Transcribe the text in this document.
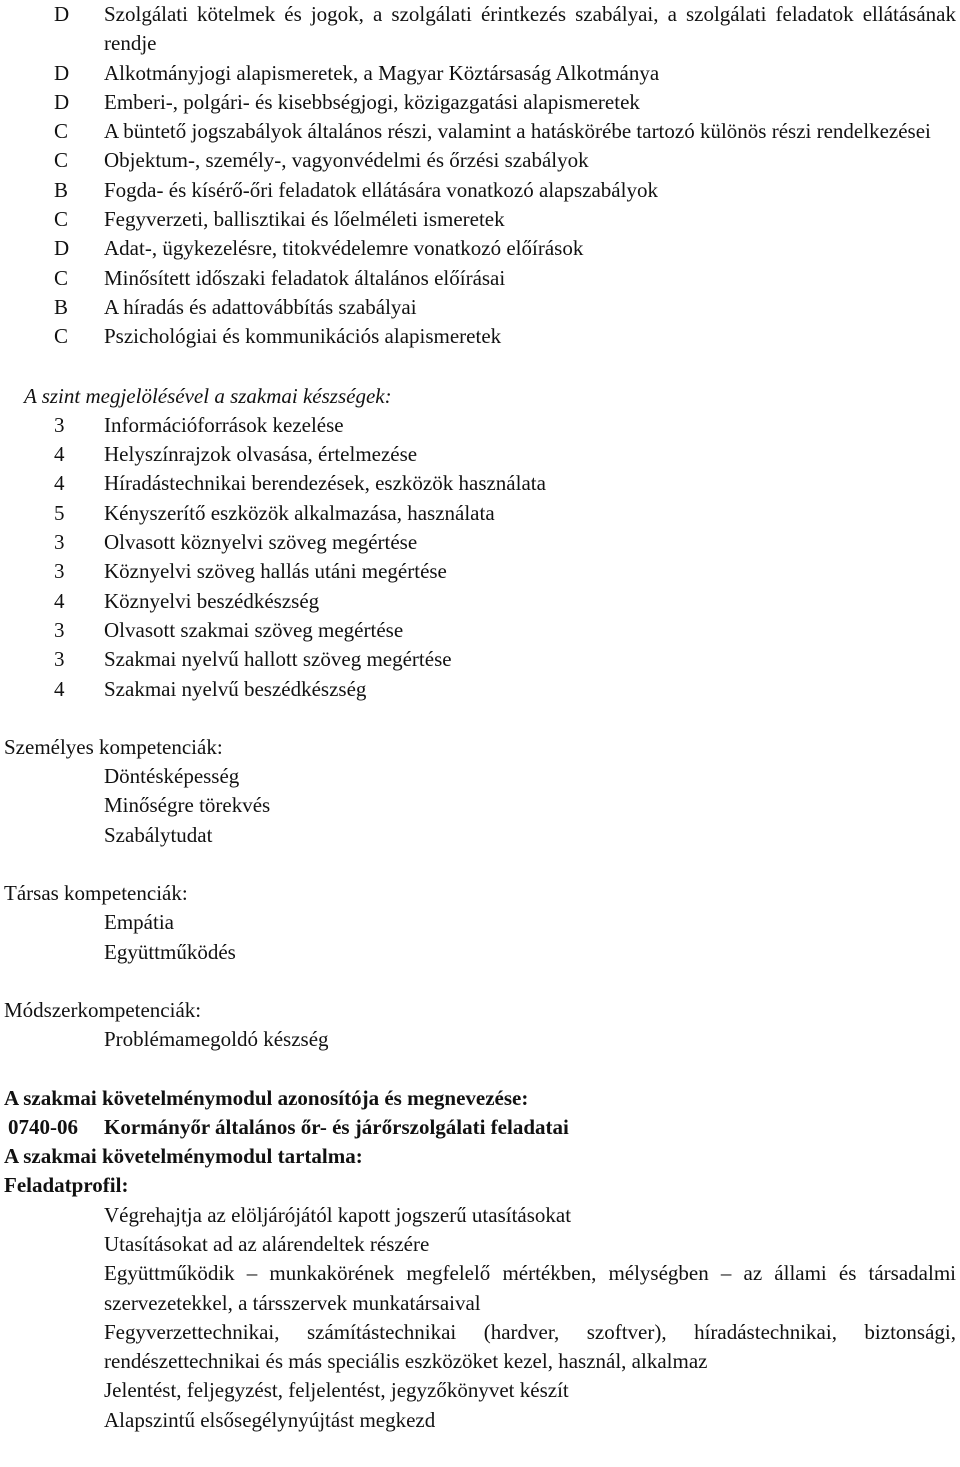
D	Szolgálati kötelmek és jogok, a szolgálati érintkezés szabályai, a szolgálati feladatok ellátásának rendje
D	Alkotmányjogi alapismeretek, a Magyar Köztársaság Alkotmánya
D	Emberi-, polgári- és kisebbségjogi, közigazgatási alapismeretek
C	A büntető jogszabályok általános részi, valamint a hatáskörébe tartozó különös részi rendelkezései
C	Objektum-, személy-, vagyonvédelmi és őrzési szabályok
B	Fogda- és kísérő-őri feladatok ellátására vonatkozó alapszabályok
C	Fegyverzeti, ballisztikai és lőelméleti ismeretek
D	Adat-, ügykezelésre, titokvédelemre vonatkozó előírások
C	Minősített időszaki feladatok általános előírásai
B	A híradás és adattovábbítás szabályai
C	Pszichológiai és kommunikációs alapismeretek
A szint megjelölésével a szakmai készségek:
3	Információforrások kezelése
4	Helyszínrajzok olvasása, értelmezése
4	Híradástechnikai berendezések, eszközök használata
5	Kényszerítő eszközök alkalmazása, használata
3	Olvasott köznyelvi szöveg megértése
3	Köznyelvi szöveg hallás utáni megértése
4	Köznyelvi beszédkészség
3	Olvasott szakmai szöveg megértése
3	Szakmai nyelvű hallott szöveg megértése
4	Szakmai nyelvű beszédkészség
Személyes kompetenciák:
Döntésképesség
Minőségre törekvés
Szabálytudat
Társas kompetenciák:
Empátia
Együttműködés
Módszerkompetenciák:
Problémamegoldó készség
A szakmai követelménymodul azonosítója és megnevezése:
0740-06 Kormányőr általános őr- és járőrszolgálati feladatai
A szakmai követelménymodul tartalma:
Feladatprofil:
Végrehajtja az elöljárójától kapott jogszerű utasításokat
Utasításokat ad az alárendeltek részére
Együttműködik – munkakörének megfelelő mértékben, mélységben – az állami és társadalmi szervezetekkel, a társszervek munkatársaival
Fegyverzettechnikai, számítástechnikai (hardver, szoftver), híradástechnikai, biztonsági, rendészettechnikai és más speciális eszközöket kezel, használ, alkalmaz
Jelentést, feljegyzést, feljelentést, jegyzőkönyvet készít
Alapszintű elsősegélynyújtást megkezd
